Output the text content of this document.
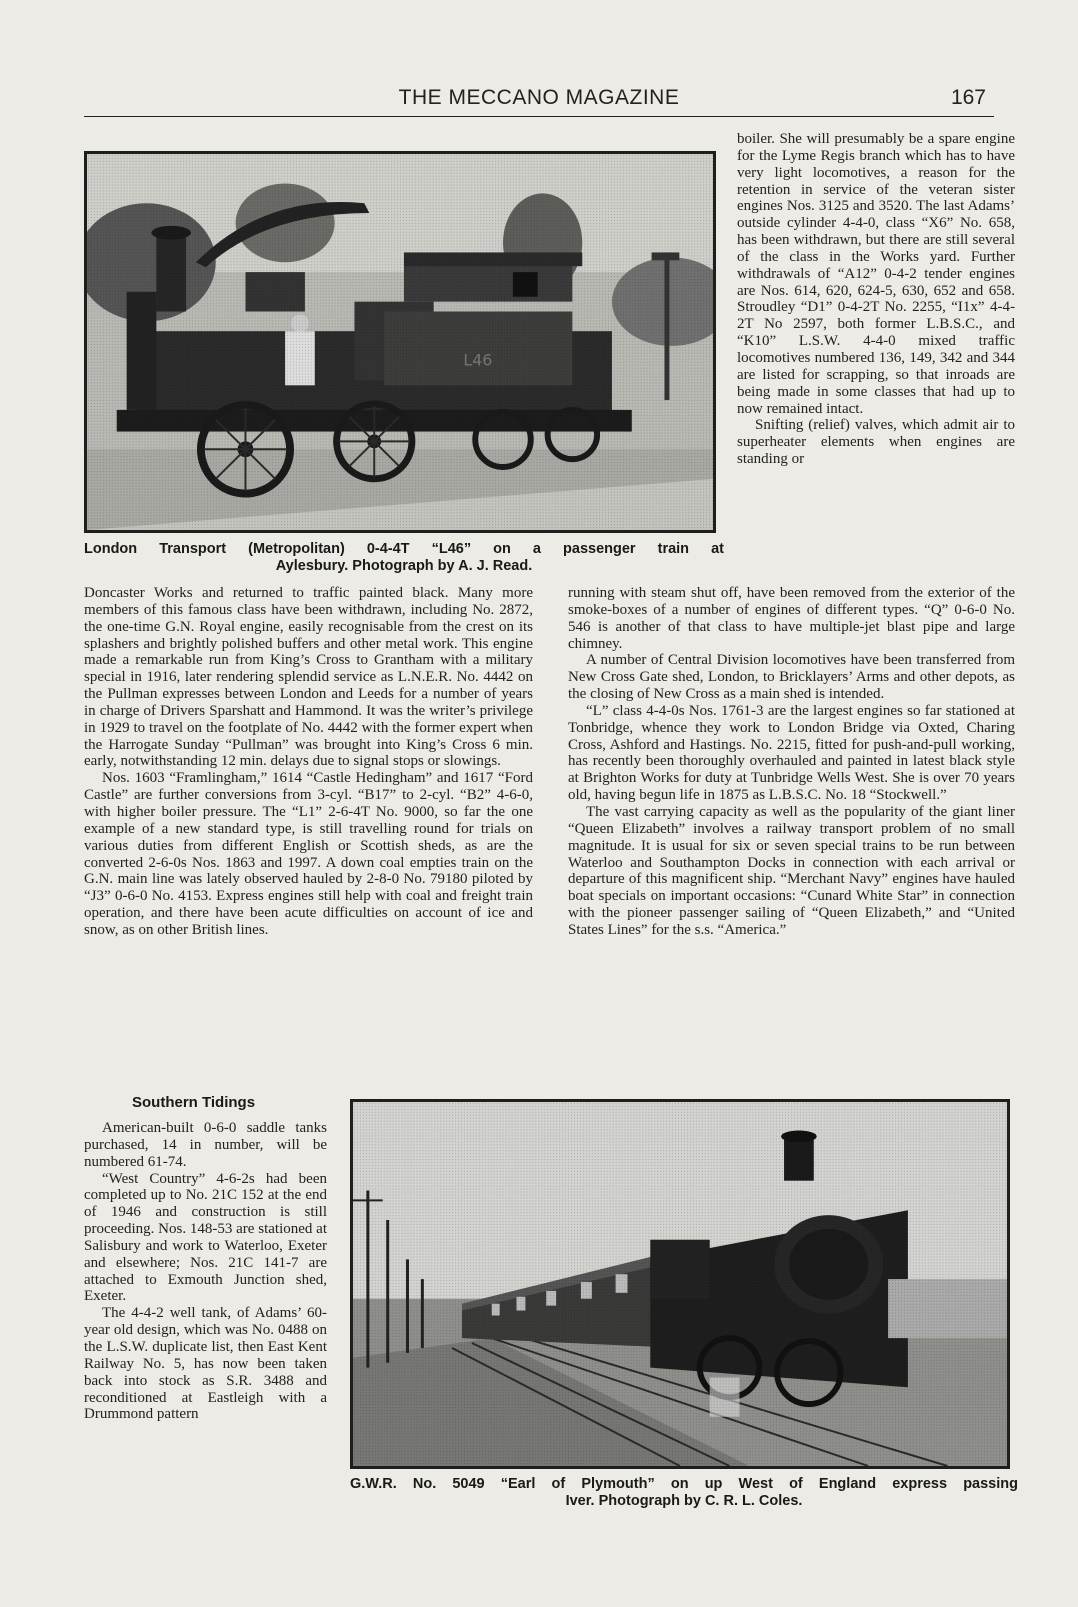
THE MECCANO MAGAZINE	167
London Transport (Metropolitan) 0-4-4T “L46” on a passenger train at
Aylesbury. Photograph by A. J. Read.

boiler. She will presumably be a spare engine for the Lyme Regis branch which has to have very light locomotives, a reason for the retention in service of the veteran sister engines Nos. 3125 and 3520. The last Adams’ outside cylinder 4-4-0, class “X6” No. 658, has been withdrawn, but there are still several of the class in the Works yard. Further withdrawals of “A12” 0-4-2 tender engines are Nos. 614, 620, 624-5, 630, 652 and 658. Stroudley “D1” 0-4-2T No. 2255, “I1x” 4-4-2T No 2597, both former L.B.S.C., and “K10” L.S.W. 4-4-0 mixed traffic locomotives numbered 136, 149, 342 and 344 are listed for scrapping, so that inroads are being made in some classes that had up to now remained intact.

Snifting (relief) valves, which admit air to superheater elements when engines are standing or

Doncaster Works and returned to traffic painted black. Many more members of this famous class have been withdrawn, including No. 2872, the one-time G.N. Royal engine, easily recognisable from the crest on its splashers and brightly polished buffers and other metal work. This engine made a remarkable run from King’s Cross to Grantham with a military special in 1916, later rendering splendid service as L.N.E.R. No. 4442 on the Pullman expresses between London and Leeds for a number of years in charge of Drivers Sparshatt and Hammond. It was the writer’s privilege in 1929 to travel on the footplate of No. 4442 with the former expert when the Harrogate Sunday “Pullman” was brought into King’s Cross 6 min. early, notwithstanding 12 min. delays due to signal stops or slowings.

Nos. 1603 “Framlingham,” 1614 “Castle Hedingham” and 1617 “Ford Castle” are further conversions from 3-cyl. “B17” to 2-cyl. “B2” 4-6-0, with higher boiler pressure. The “L1” 2-6-4T No. 9000, so far the one example of a new standard type, is still travelling round for trials on various duties from different English or Scottish sheds, as are the converted 2-6-0s Nos. 1863 and 1997. A down coal empties train on the G.N. main line was lately observed hauled by 2-8-0 No. 79180 piloted by “J3” 0-6-0 No. 4153. Express engines still help with coal and freight train operation, and there have been acute difficulties on account of ice and snow, as on other British lines.

running with steam shut off, have been removed from the exterior of the smoke-boxes of a number of engines of different types. “Q” 0-6-0 No. 546 is another of that class to have multiple-jet blast pipe and large chimney.

A number of Central Division locomotives have been transferred from New Cross Gate shed, London, to Bricklayers’ Arms and other depots, as the closing of New Cross as a main shed is intended.

“L” class 4-4-0s Nos. 1761-3 are the largest engines so far stationed at Tonbridge, whence they work to London Bridge via Oxted, Charing Cross, Ashford and Hastings. No. 2215, fitted for push-and-pull working, has recently been thoroughly overhauled and painted in latest black style at Brighton Works for duty at Tunbridge Wells West. She is over 70 years old, having begun life in 1875 as L.B.S.C. No. 18 “Stockwell.”

The vast carrying capacity as well as the popularity of the giant liner “Queen Elizabeth” involves a railway transport problem of no small magnitude. It is usual for six or seven special trains to be run between Waterloo and Southampton Docks in connection with each arrival or departure of this magnificent ship. “Merchant Navy” engines have hauled boat specials on important occasions: “Cunard White Star” in connection with the pioneer passenger sailing of “Queen Elizabeth,” and “United States Lines” for the s.s. “America.”

Southern Tidings

American-built 0-6-0 saddle tanks purchased, 14 in number, will be numbered 61-74.

“West Country” 4-6-2s had been completed up to No. 21C 152 at the end of 1946 and construction is still proceeding. Nos. 148-53 are stationed at Salisbury and work to Waterloo, Exeter and elsewhere; Nos. 21C 141-7 are attached to Exmouth Junction shed, Exeter.

The 4-4-2 well tank, of Adams’ 60-year old design, which was No. 0488 on the L.S.W. duplicate list, then East Kent Railway No. 5, has now been taken back into stock as S.R. 3488 and reconditioned at Eastleigh with a Drummond pattern

G.W.R. No. 5049 “Earl of Plymouth” on up West of England express passing
Iver. Photograph by C. R. L. Coles.
